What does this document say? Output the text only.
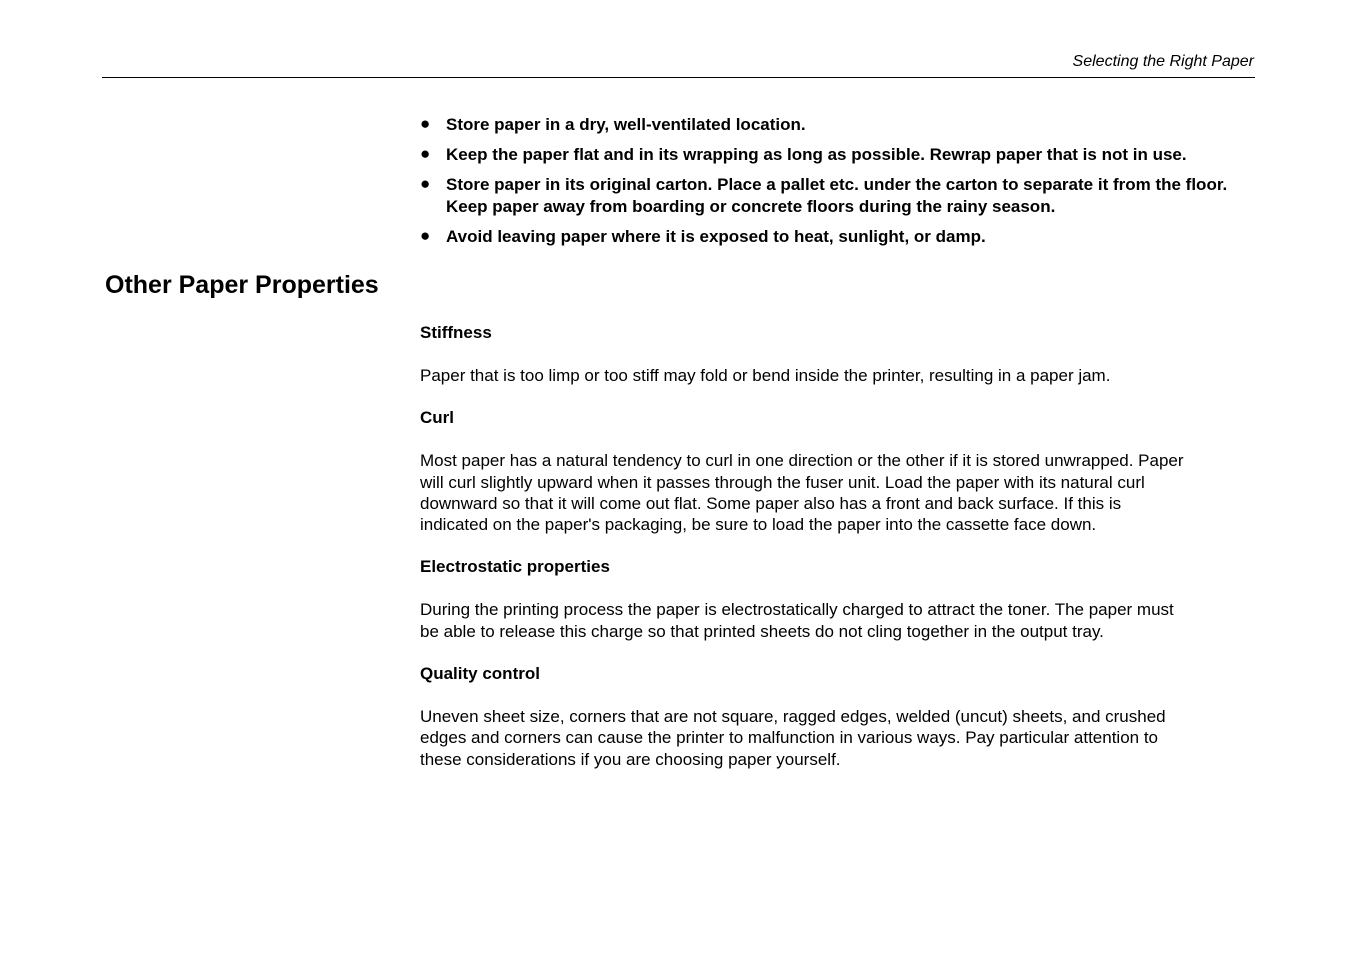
Selecting the Right Paper
● Store paper in a dry, well-ventilated location.
● Keep the paper flat and in its wrapping as long as possible. Rewrap paper that is not in use.
● Store paper in its original carton. Place a pallet etc. under the carton to separate it from the floor. Keep paper away from boarding or concrete floors during the rainy season.
● Avoid leaving paper where it is exposed to heat, sunlight, or damp.
Other Paper Properties
Stiffness

Paper that is too limp or too stiff may fold or bend inside the printer, resulting in a paper jam.

Curl

Most paper has a natural tendency to curl in one direction or the other if it is stored unwrapped. Paper
will curl slightly upward when it passes through the fuser unit. Load the paper with its natural curl
downward so that it will come out flat. Some paper also has a front and back surface. If this is
indicated on the paper's packaging, be sure to load the paper into the cassette face down.

Electrostatic properties

During the printing process the paper is electrostatically charged to attract the toner. The paper must
be able to release this charge so that printed sheets do not cling together in the output tray.

Quality control

Uneven sheet size, corners that are not square, ragged edges, welded (uncut) sheets, and crushed
edges and corners can cause the printer to malfunction in various ways. Pay particular attention to
these considerations if you are choosing paper yourself.
